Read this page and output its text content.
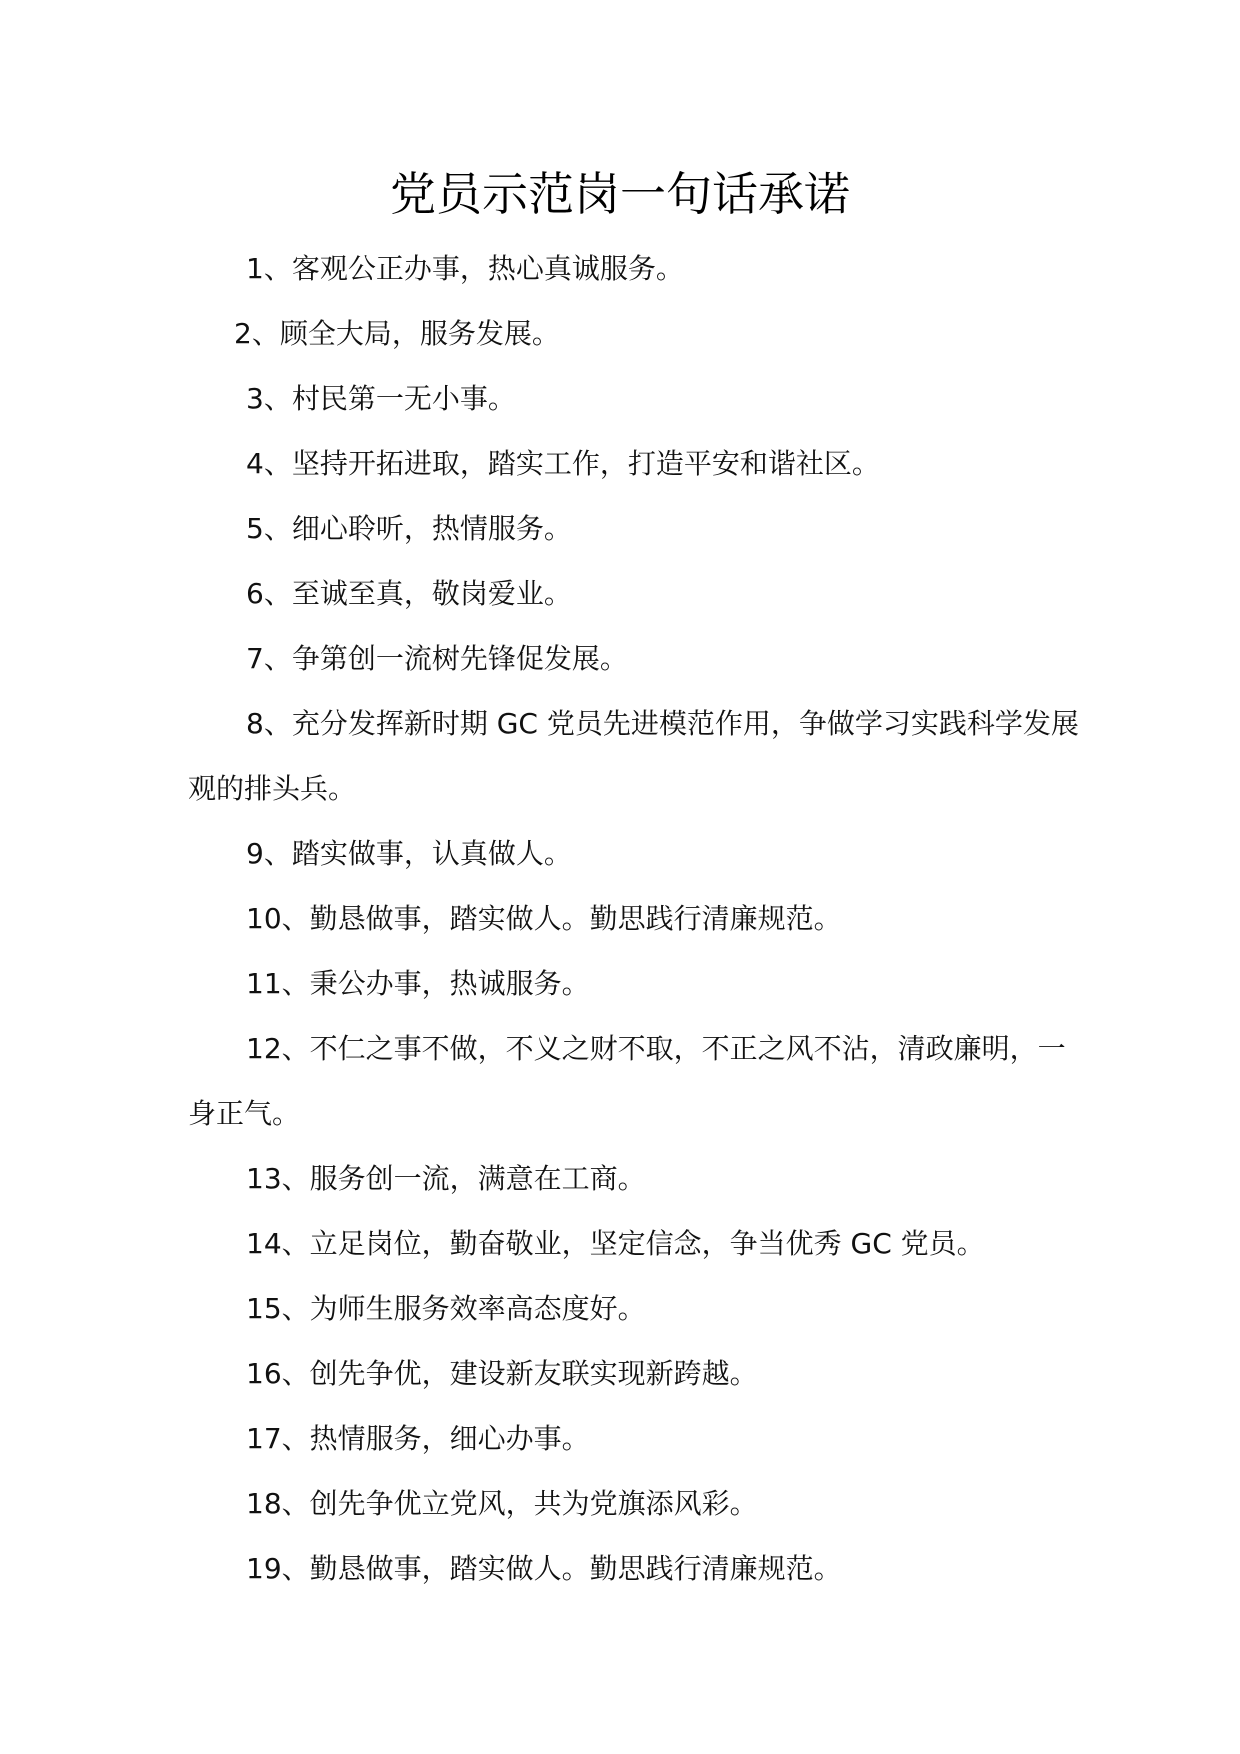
党员示范岗一句话承诺

1、客观公正办事，热心真诚服务。

2、顾全大局，服务发展。

3、村民第一无小事。

4、坚持开拓进取，踏实工作，打造平安和谐社区。

5、细心聆听，热情服务。

6、至诚至真，敬岗爱业。

7、争第创一流树先锋促发展。

8、充分发挥新时期 GC 党员先进模范作用，争做学习实践科学发展观的排头兵。

9、踏实做事，认真做人。

10、勤恳做事，踏实做人。勤思践行清廉规范。

11、秉公办事，热诚服务。

12、不仁之事不做，不义之财不取，不正之风不沾，清政廉明，一身正气。

13、服务创一流，满意在工商。

14、立足岗位，勤奋敬业，坚定信念，争当优秀 GC 党员。

15、为师生服务效率高态度好。

16、创先争优，建设新友联实现新跨越。

17、热情服务，细心办事。

18、创先争优立党风，共为党旗添风彩。

19、勤恳做事，踏实做人。勤思践行清廉规范。
